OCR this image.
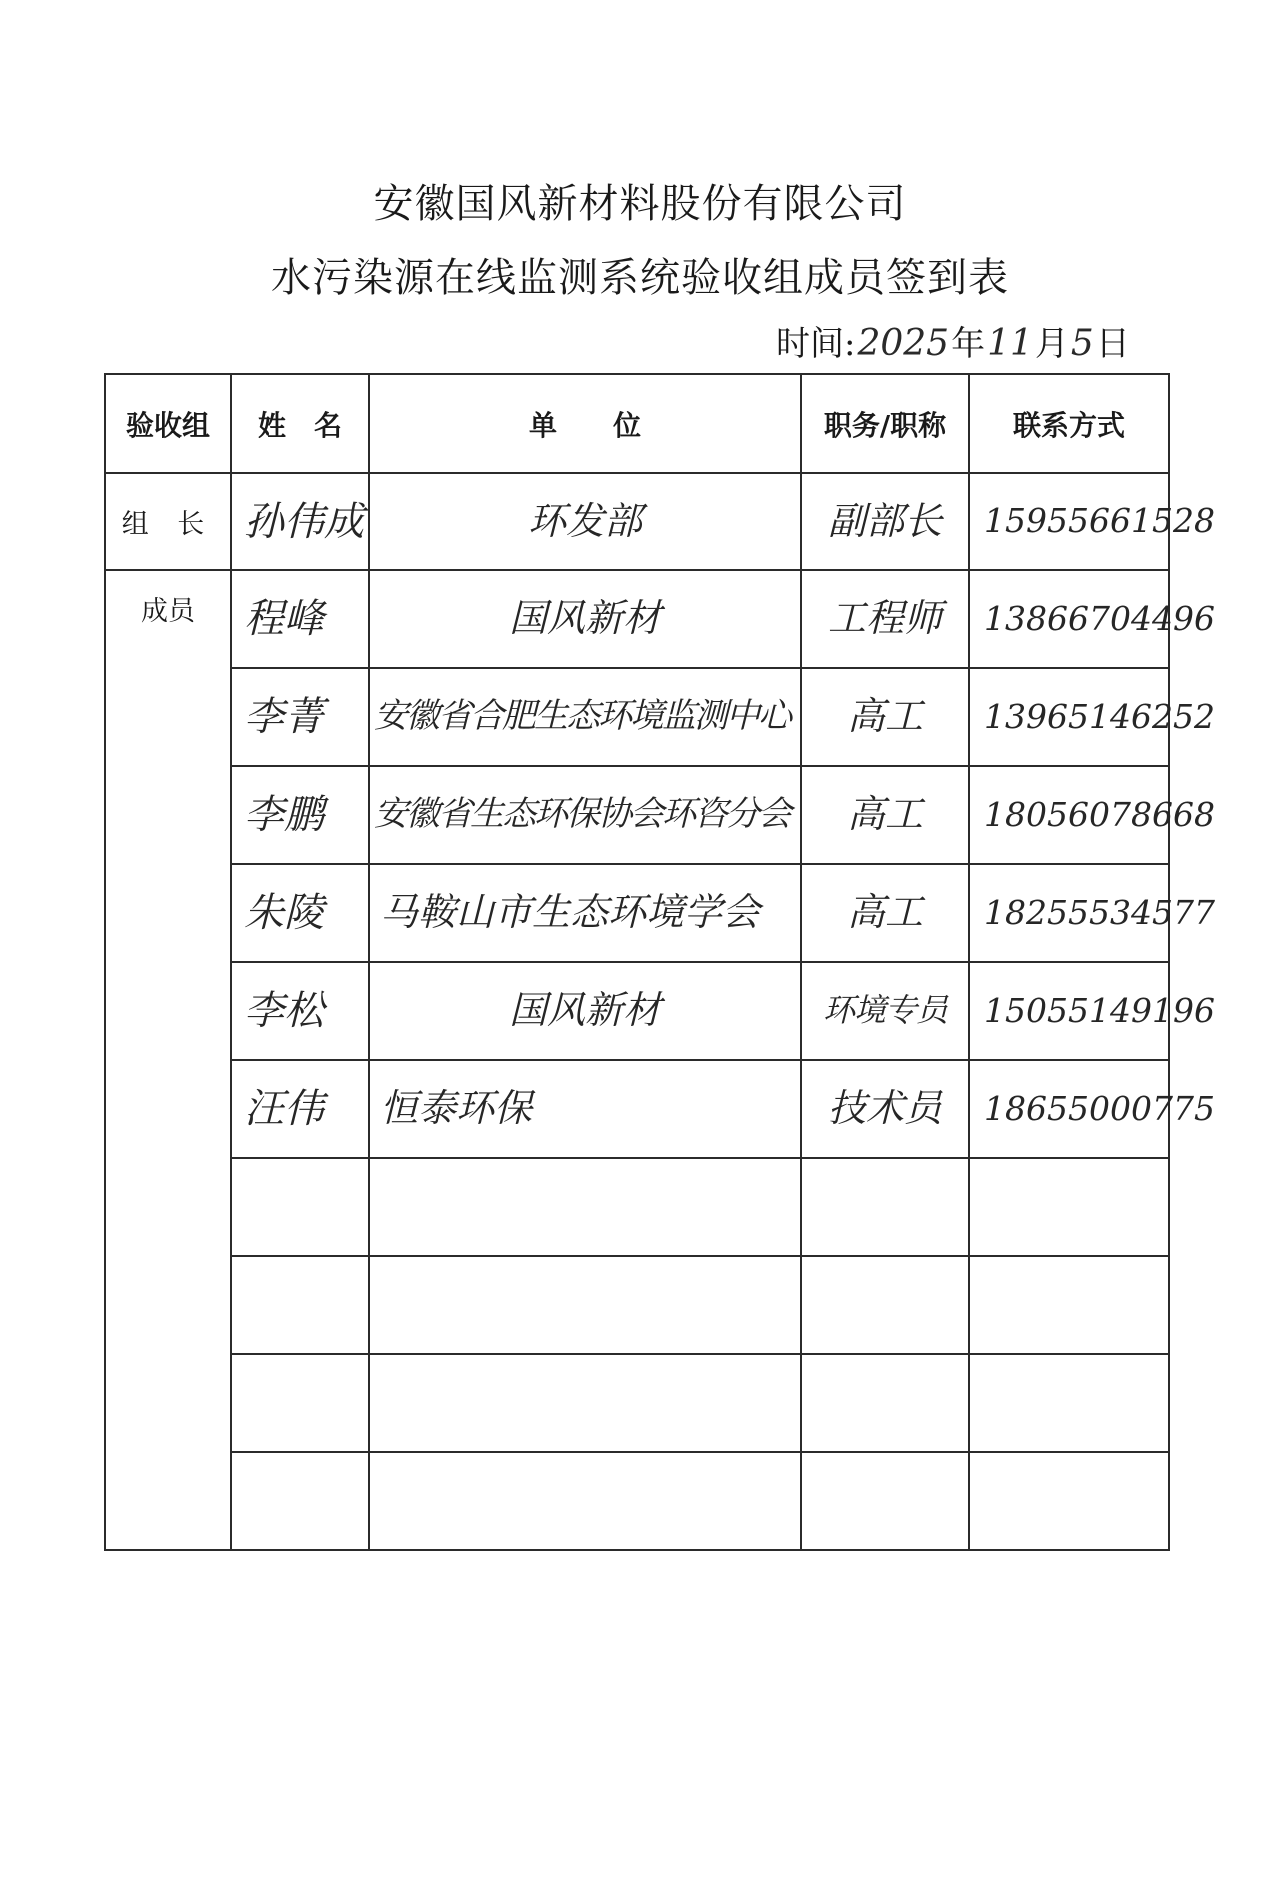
安徽国风新材料股份有限公司
水污染源在线监测系统验收组成员签到表
时间:2025年11月5日
验收组	姓　名	单　　位	职务/职称	联系方式
组 长	孙伟成	环发部	副部长	15955661528

成员	程峰	国风新材	工程师	13866704496

	李菁	安徽省合肥生态环境监测中心	高工	13965146252

	李鹏	安徽省生态环保协会环咨分会	高工	18056078668

	朱陵	马鞍山市生态环境学会	高工	18255534577

	李松	国风新材	环境专员	15055149196

	汪伟	恒泰环保	技术员	18655000775
